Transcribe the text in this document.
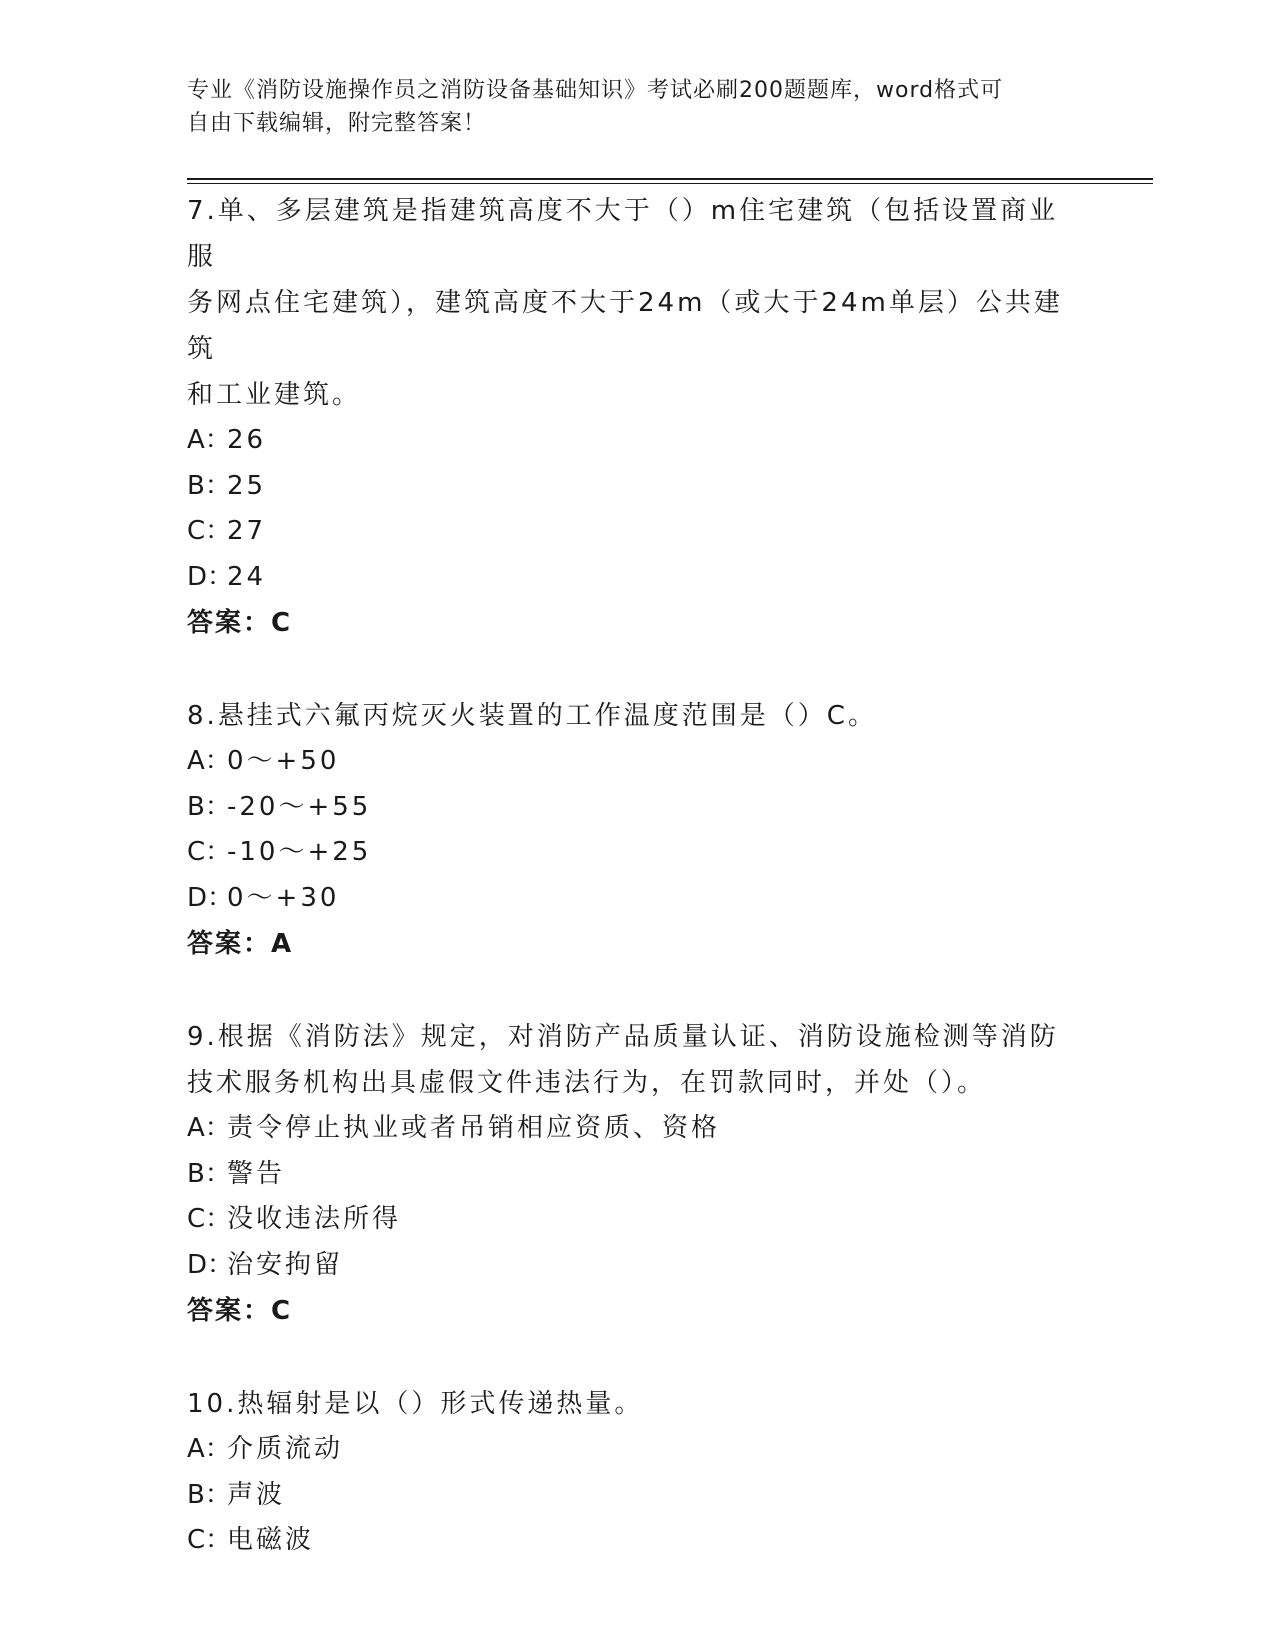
专业《消防设施操作员之消防设备基础知识》考试必刷200题题库，word格式可
自由下载编辑，附完整答案！
7.单、多层建筑是指建筑高度不大于（）m住宅建筑（包括设置商业服
务网点住宅建筑），建筑高度不大于24m（或大于24m单层）公共建筑
和工业建筑。
A：26
B：25
C：27
D：24
答案：C
8.悬挂式六氟丙烷灭火装置的工作温度范围是（）C。
A：0～+50
B：-20～+55
C：-10～+25
D：0～+30
答案：A
9.根据《消防法》规定，对消防产品质量认证、消防设施检测等消防
技术服务机构出具虚假文件违法行为，在罚款同时，并处（）。
A：责令停止执业或者吊销相应资质、资格
B：警告
C：没收违法所得
D：治安拘留
答案：C
10.热辐射是以（）形式传递热量。
A：介质流动
B：声波
C：电磁波
